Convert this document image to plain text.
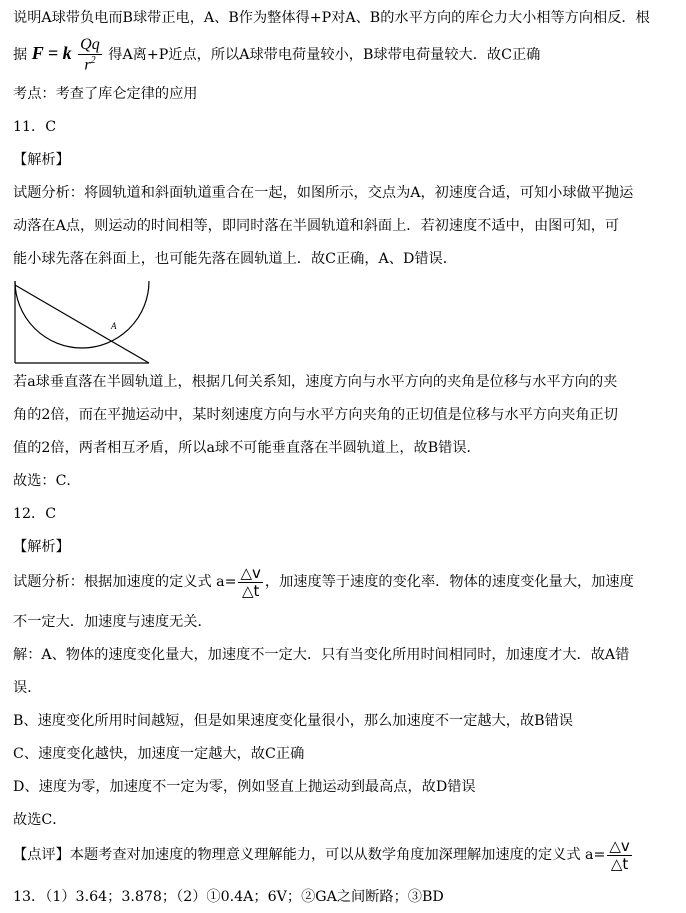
说明A球带负电而B球带正电，A、B作为整体得+P对A、B的水平方向的库仑力大小相等方向相反．根
据 F = k $\frac{Qq}{r^2}$ 得A离+P近点，所以A球带电荷量较小，B球带电荷量较大．故C正确
考点：考查了库仑定律的应用
11．C
【解析】
试题分析：将圆轨道和斜面轨道重合在一起，如图所示，交点为A，初速度合适，可知小球做平抛运
动落在A点，则运动的时间相等，即同时落在半圆轨道和斜面上．若初速度不适中，由图可知，可
能小球先落在斜面上，也可能先落在圆轨道上．故C正确，A、D错误．
A
若a球垂直落在半圆轨道上，根据几何关系知，速度方向与水平方向的夹角是位移与水平方向的夹
角的2倍，而在平抛运动中，某时刻速度方向与水平方向夹角的正切值是位移与水平方向夹角正切
值的2倍，两者相互矛盾，所以a球不可能垂直落在半圆轨道上，故B错误．
故选：C．
12．C
【解析】
试题分析：根据加速度的定义式 $a= \frac{\triangle v}{\triangle t}$ ，加速度等于速度的变化率．物体的速度变化量大，加速度
不一定大．加速度与速度无关．
解：A、物体的速度变化量大，加速度不一定大．只有当变化所用时间相同时，加速度才大．故A错
误．
B、速度变化所用时间越短，但是如果速度变化量很小，那么加速度不一定越大，故B错误
C、速度变化越快，加速度一定越大，故C正确
D、速度为零，加速度不一定为零，例如竖直上抛运动到最高点，故D错误
故选C．
【点评】本题考查对加速度的物理意义理解能力，可以从数学角度加深理解加速度的定义式 $a= \frac{\triangle v}{\triangle t}$
13．（1）3.64；3.878；（2）①0.4A；6V；②GA之间断路；③BD
